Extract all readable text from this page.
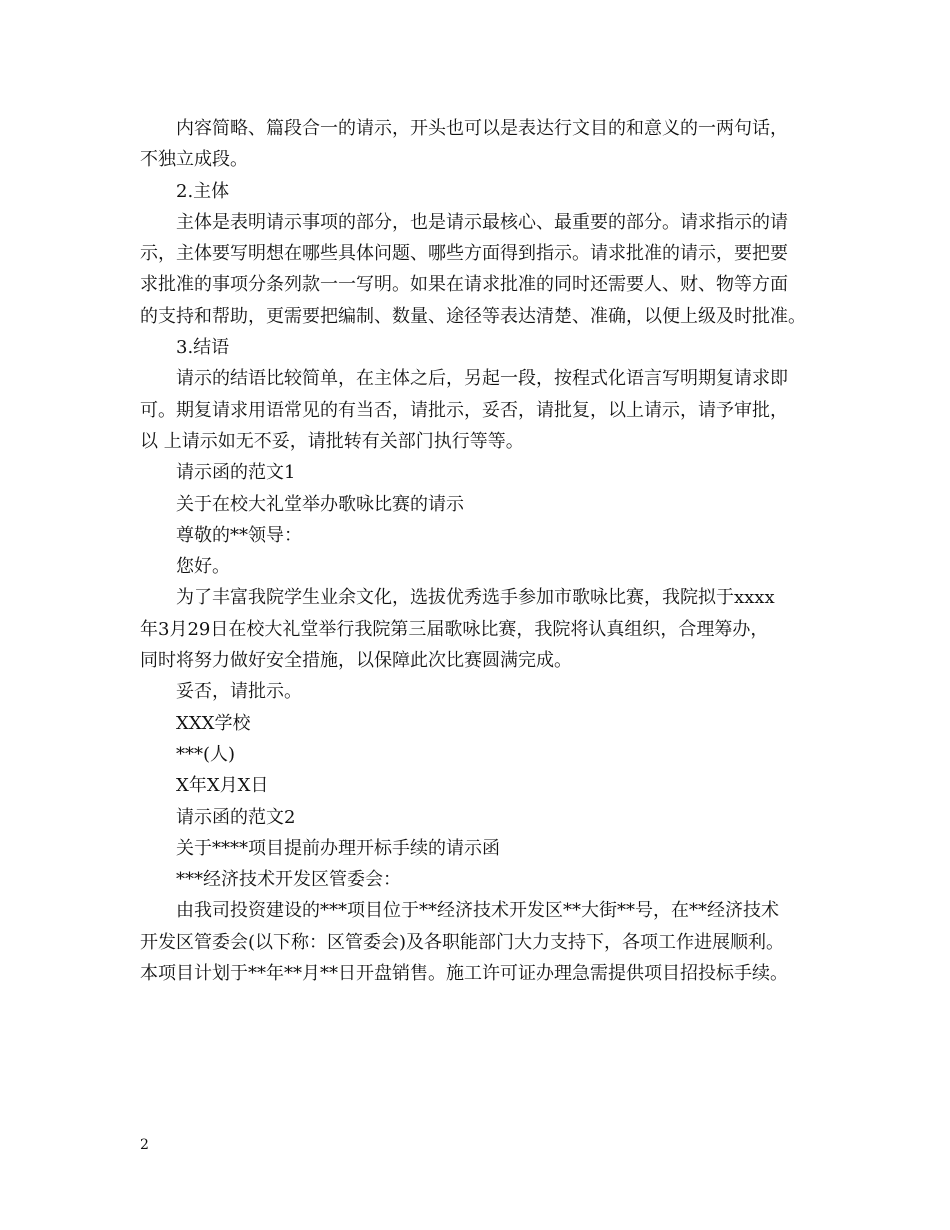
内容简略、篇段合一的请示，开头也可以是表达行文目的和意义的一两句话，

不独立成段。

2.主体

主体是表明请示事项的部分，也是请示最核心、最重要的部分。请求指示的请

示，主体要写明想在哪些具体问题、哪些方面得到指示。请求批准的请示，要把要

求批准的事项分条列款一一写明。如果在请求批准的同时还需要人、财、物等方面

的支持和帮助，更需要把编制、数量、途径等表达清楚、准确，以便上级及时批准。

3.结语

请示的结语比较简单，在主体之后，另起一段，按程式化语言写明期复请求即

可。期复请求用语常见的有当否，请批示，妥否，请批复，以上请示，请予审批，

以 上请示如无不妥，请批转有关部门执行等等。

请示函的范文1

关于在校大礼堂举办歌咏比赛的请示

尊敬的**领导：

您好。

为了丰富我院学生业余文化，选拔优秀选手参加市歌咏比赛，我院拟于xxxx

年3月29日在校大礼堂举行我院第三届歌咏比赛，我院将认真组织，合理筹办，

同时将努力做好安全措施，以保障此次比赛圆满完成。

妥否，请批示。

XXX学校

***(人)

X年X月X日

请示函的范文2

关于****项目提前办理开标手续的请示函

***经济技术开发区管委会：

由我司投资建设的***项目位于**经济技术开发区**大街**号，在**经济技术

开发区管委会(以下称：区管委会)及各职能部门大力支持下，各项工作进展顺利。

本项目计划于**年**月**日开盘销售。施工许可证办理急需提供项目招投标手续。

2
